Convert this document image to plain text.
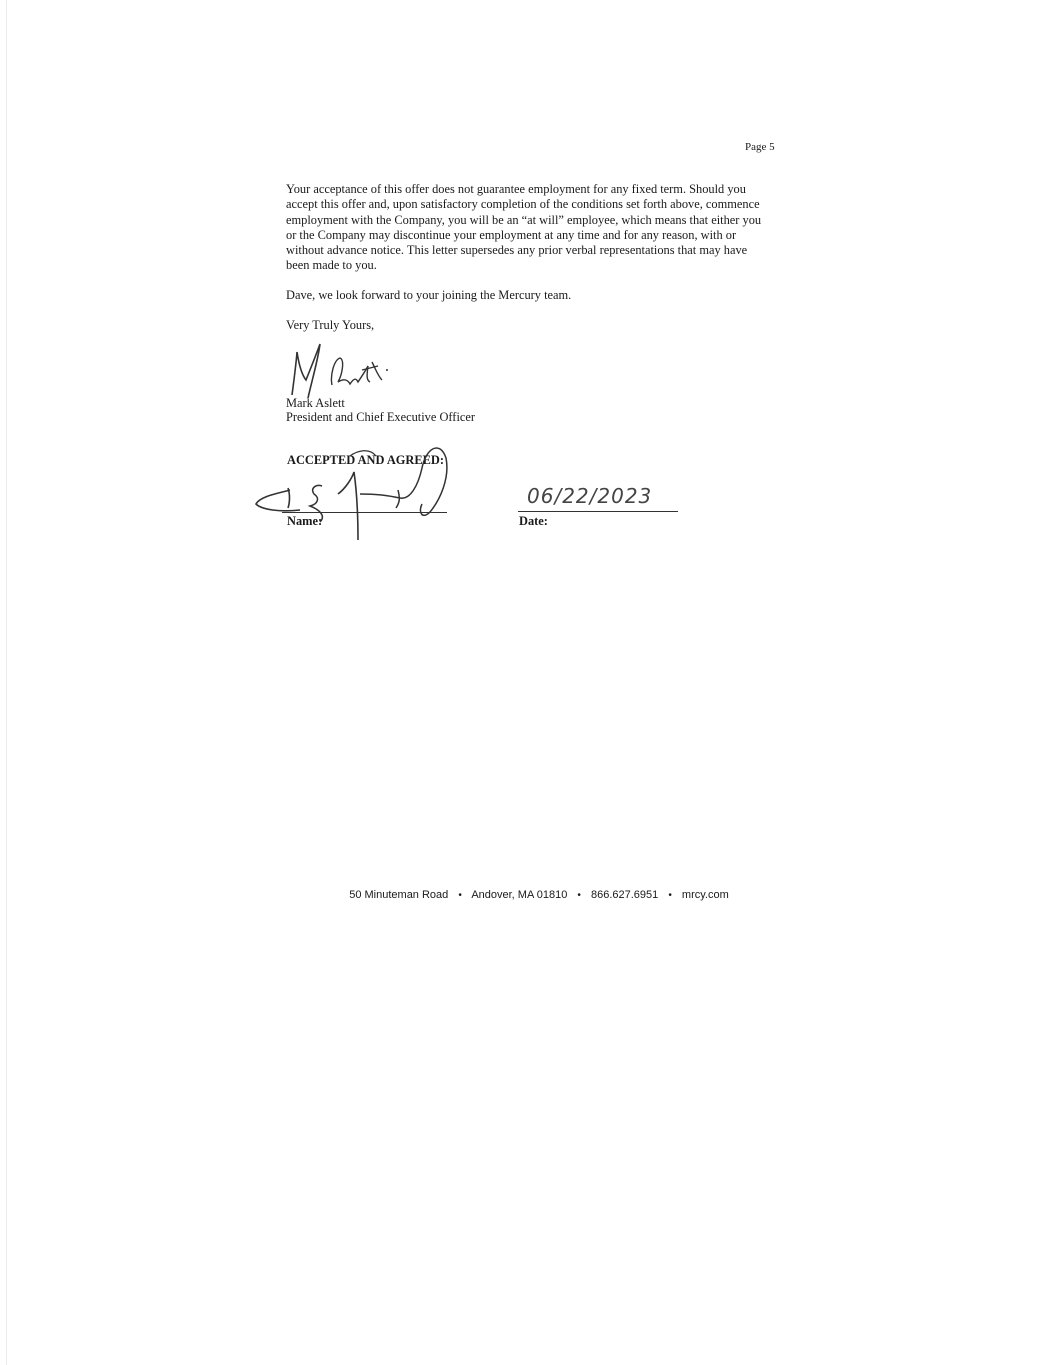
Page 5
Your acceptance of this offer does not guarantee employment for any fixed term. Should you
accept this offer and, upon satisfactory completion of the conditions set forth above, commence
employment with the Company, you will be an “at will” employee, which means that either you
or the Company may discontinue your employment at any time and for any reason, with or
without advance notice. This letter supersedes any prior verbal representations that may have
been made to you.
Dave, we look forward to your joining the Mercury team.
Very Truly Yours,
Mark Aslett
President and Chief Executive Officer
ACCEPTED AND AGREED:
Name:
06/22/2023
Date:
50 Minuteman Road • Andover, MA 01810 • 866.627.6951 • mrcy.com
